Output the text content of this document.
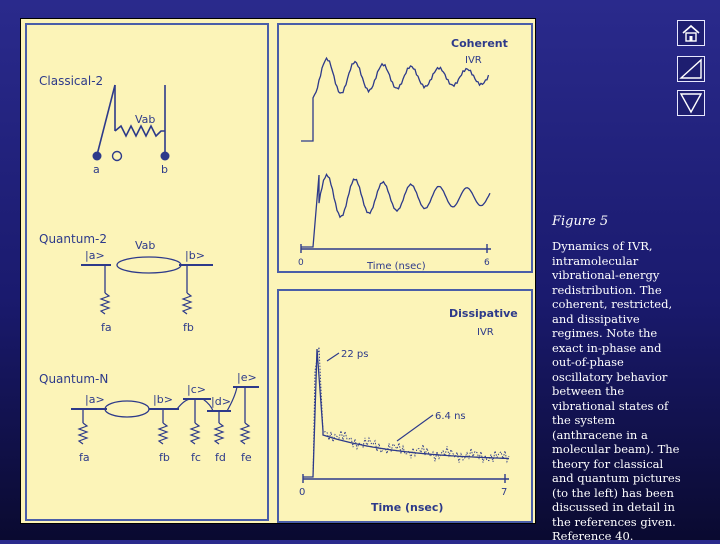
Classical-2
Vab
a	b
Quantum-2	Vab
|a>	|b>
fa	fb
Quantum-N
|a>	|b>
|c>
|d>
|e>
fa	fb fc fd fe
Coherent
IVR
0	6
Time (nsec)
Dissipative
IVR
22 ps
6.4 ns
0	7
Time (nsec)

Figure 5

Dynamics of IVR, intramolecular vibrational-energy redistribution. The coherent, restricted, and dissipative regimes. Note the exact in-phase and out-of-phase oscillatory behavior between the vibrational states of the system (anthracene in a molecular beam). The theory for classical and quantum pictures (to the left) has been discussed in detail in the references given. Reference 40.
